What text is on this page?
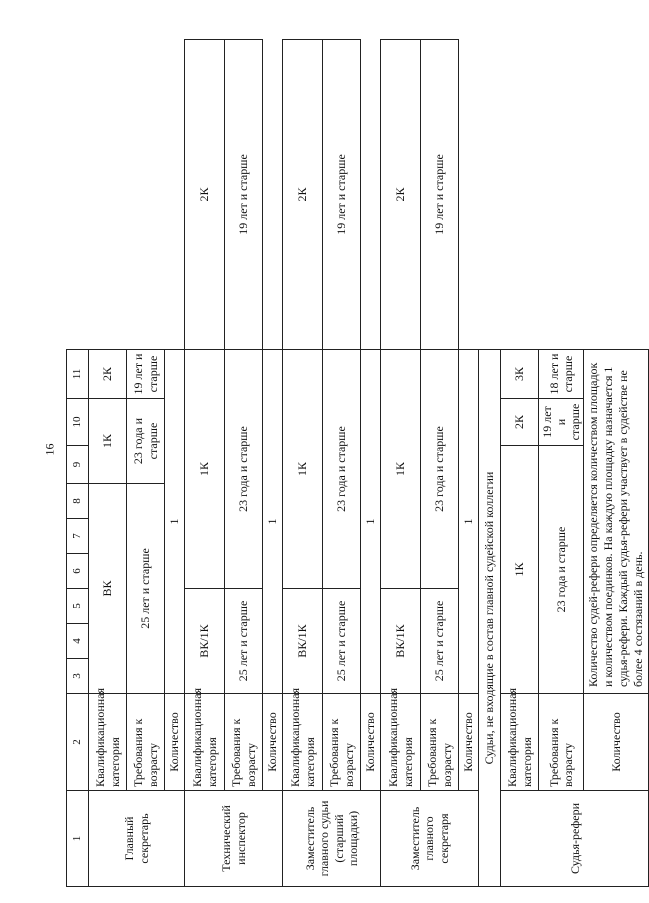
16
1	2	3	4	5	6	7	8	9	10	11	
Главный секретарь	Квалификационная категория	ВК						1К		2К	
	Требования к возрасту	25 лет и старше						23 года и старше		19 лет и старше	
	Количество	1									
Технический инспектор	Квалификационная категория	ВК/1К			1К						2К
	Требования к возрасту	25 лет и старше			23 года и старше						19 лет и старше
	Количество	1									
Заместитель главного судьи (старший площадки)	Квалификационная категория	ВК/1К			1К						2К
	Требования к возрасту	25 лет и старше			23 года и старше						19 лет и старше
	Количество	1									
Заместитель главного секретаря	Квалификационная категория	ВК/1К			1К						2К
	Требования к возрасту	25 лет и старше			23 года и старше						19 лет и старше
	Количество	1									
Судьи, не входящие в состав главной судейской коллегии											
Судья-рефери	Квалификационная категория	1К							2К	3К	
	Требования к возрасту	23 года и старше							19 лет и старше	18 лет и старше	
	Количество	Количество судей-рефери определяется количеством площадок и количеством поединков. На каждую площадку назначается 1 судья-рефери. Каждый судья-рефери участвует в судействе не более 4 состязаний в день.									
